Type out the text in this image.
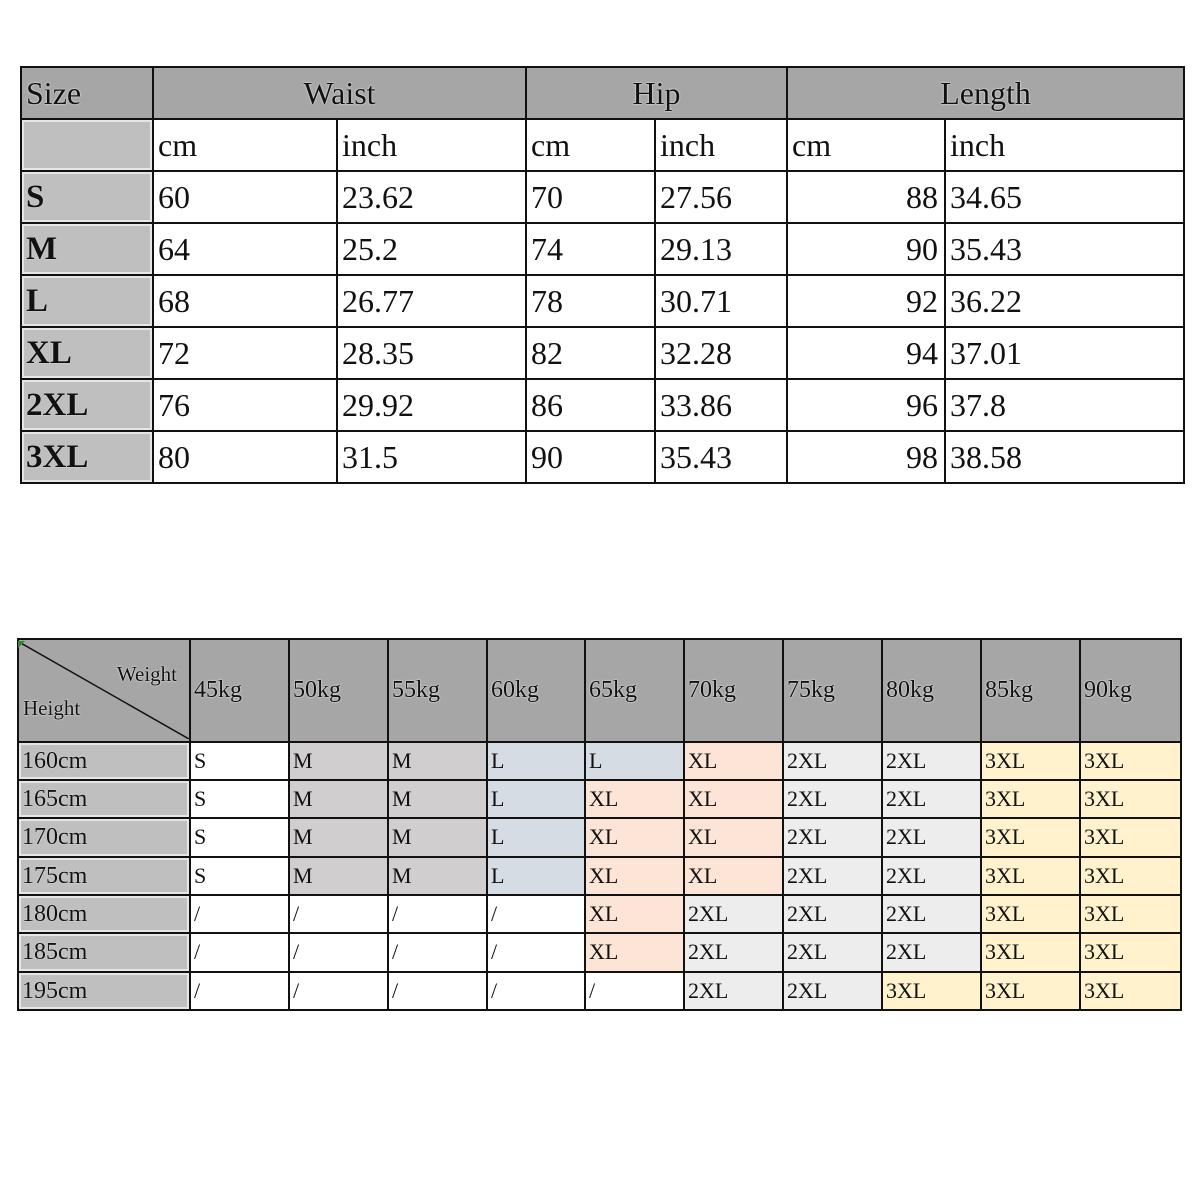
Size	Waist		Hip		Length	
	cm	inch	cm	inch	cm	inch
S	60	23.62	70	27.56	88	34.65
M	64	25.2	74	29.13	90	35.43
L	68	26.77	78	30.71	92	36.22
XL	72	28.35	82	32.28	94	37.01
2XL	76	29.92	86	33.86	96	37.8
3XL	80	31.5	90	35.43	98	38.58
Weight
Height	45kg	50kg	55kg	60kg	65kg	70kg	75kg	80kg	85kg	90kg
160cm	S	M	M	L	L	XL	2XL	2XL	3XL	3XL
165cm	S	M	M	L	XL	XL	2XL	2XL	3XL	3XL
170cm	S	M	M	L	XL	XL	2XL	2XL	3XL	3XL
175cm	S	M	M	L	XL	XL	2XL	2XL	3XL	3XL
180cm	/	/	/	/	XL	2XL	2XL	2XL	3XL	3XL
185cm	/	/	/	/	XL	2XL	2XL	2XL	3XL	3XL
195cm	/	/	/	/	/	2XL	2XL	3XL	3XL	3XL
